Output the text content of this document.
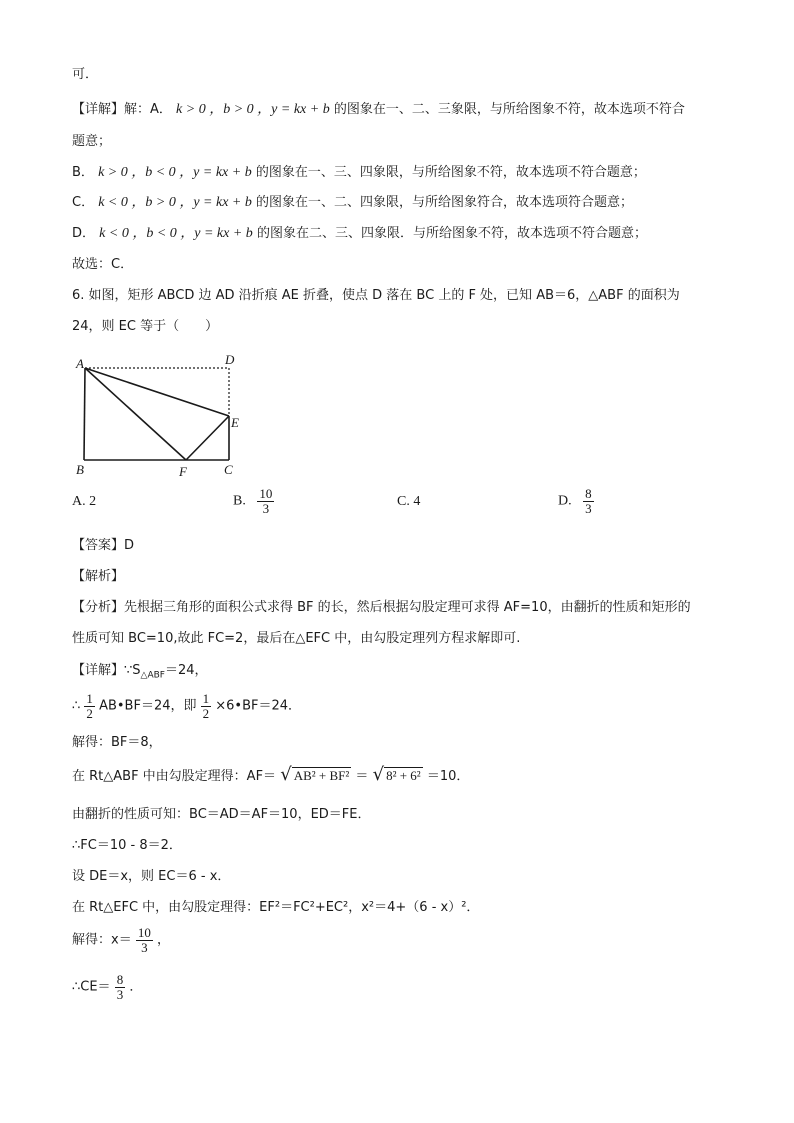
可．
【详解】解：A． k > 0 ，b > 0 ，y = kx + b 的图象在一、二、三象限，与所给图象不符，故本选项不符合
题意；
B． k > 0 ，b < 0 ，y = kx + b 的图象在一、三、四象限，与所给图象不符，故本选项不符合题意；
C． k < 0 ，b > 0 ，y = kx + b 的图象在一、二、四象限，与所给图象符合，故本选项符合题意；
D． k < 0 ，b < 0 ，y = kx + b 的图象在二、三、四象限．与所给图象不符，故本选项不符合题意；
故选：C．
6. 如图，矩形 ABCD 边 AD 沿折痕 AE 折叠，使点 D 落在 BC 上的 F 处，已知 AB＝6，△ABF 的面积为
24，则 EC 等于（　　）
A	D
E
B	F	C
A. 2	B. $\frac{10}{3}$	C. 4	D. $\frac{8}{3}$
【答案】D
【解析】
【分析】先根据三角形的面积公式求得 BF 的长，然后根据勾股定理可求得 AF=10，由翻折的性质和矩形的
性质可知 BC=10,故此 FC=2，最后在△EFC 中，由勾股定理列方程求解即可.
【详解】$\because S_{\triangle ABF}=24$，
∴ $\frac{1}{2}$ AB•BF＝24，即 $\frac{1}{2}$ ×6•BF＝24．
解得：BF＝8，
在 Rt△ABF 中由勾股定理得：AF＝ √ AB² + BF² ＝ √ 8² + 6² ＝10．
由翻折的性质可知：BC＝AD＝AF＝10，ED＝FE．
∴FC＝10 - 8＝2．
设 DE＝x，则 EC＝6 - x．
在 Rt△EFC 中，由勾股定理得：EF²＝FC²+EC²，x²＝4+（6 - x）²．
解得：$x= \frac{10}{3}$ ，
∴CE＝ $\frac{8}{3}$ ．
